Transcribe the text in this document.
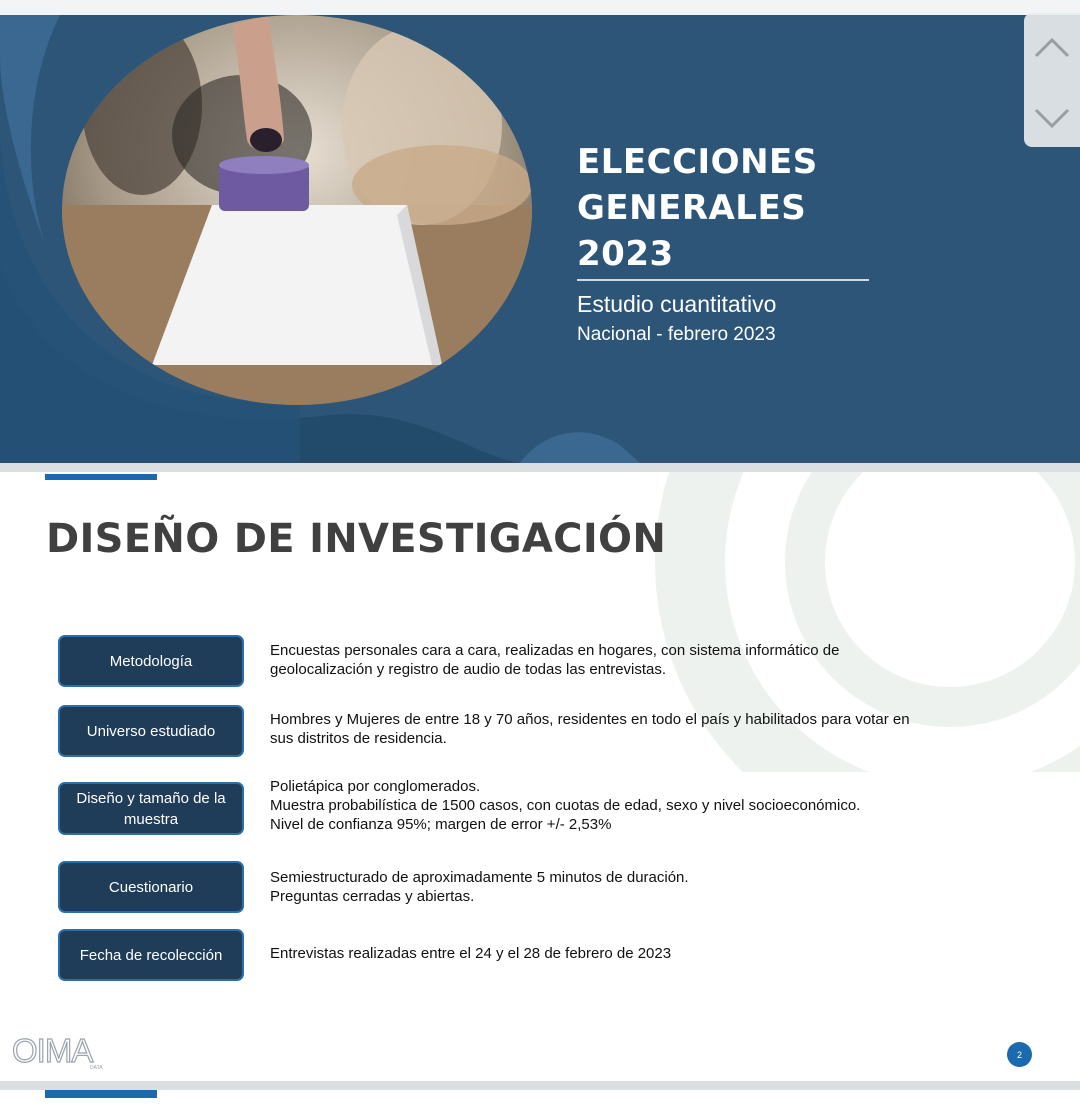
ELECCIONES GENERALES
2023
Estudio cuantitativo
Nacional - febrero 2023
DISEÑO DE INVESTIGACIÓN
Metodología
Encuestas personales cara a cara, realizadas en hogares, con sistema informático de
geolocalización y registro de audio de todas las entrevistas.
Universo estudiado
Hombres y Mujeres de entre 18 y 70 años, residentes en todo el país y habilitados para votar en
sus distritos de residencia.
Diseño y tamaño de la muestra
Polietápica por conglomerados.
Muestra probabilística de 1500 casos, con cuotas de edad, sexo y nivel socioeconómico.
Nivel de confianza 95%; margen de error +/- 2,53%
Cuestionario
Semiestructurado de aproximadamente 5 minutos de duración.
Preguntas cerradas y abiertas.
Fecha de recolección	Entrevistas realizadas entre el 24 y el 28 de febrero de 2023
OIMA
DATA
2
